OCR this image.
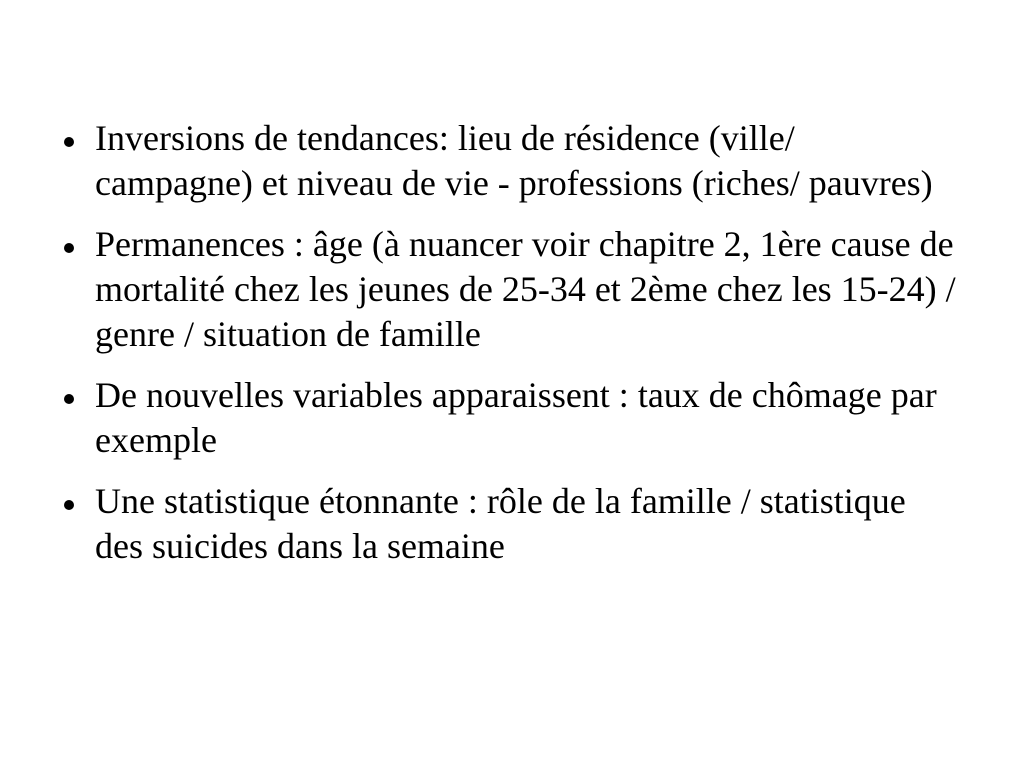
Inversions de tendances: lieu de résidence (ville/ campagne) et niveau de vie - professions (riches/ pauvres)
Permanences : âge (à nuancer voir chapitre 2, 1ère cause de mortalité chez les jeunes de 25-34 et 2ème chez les 15-24) / genre / situation de famille
De nouvelles variables apparaissent : taux de chômage par exemple
Une statistique étonnante : rôle de la famille / statistique des suicides dans la semaine
